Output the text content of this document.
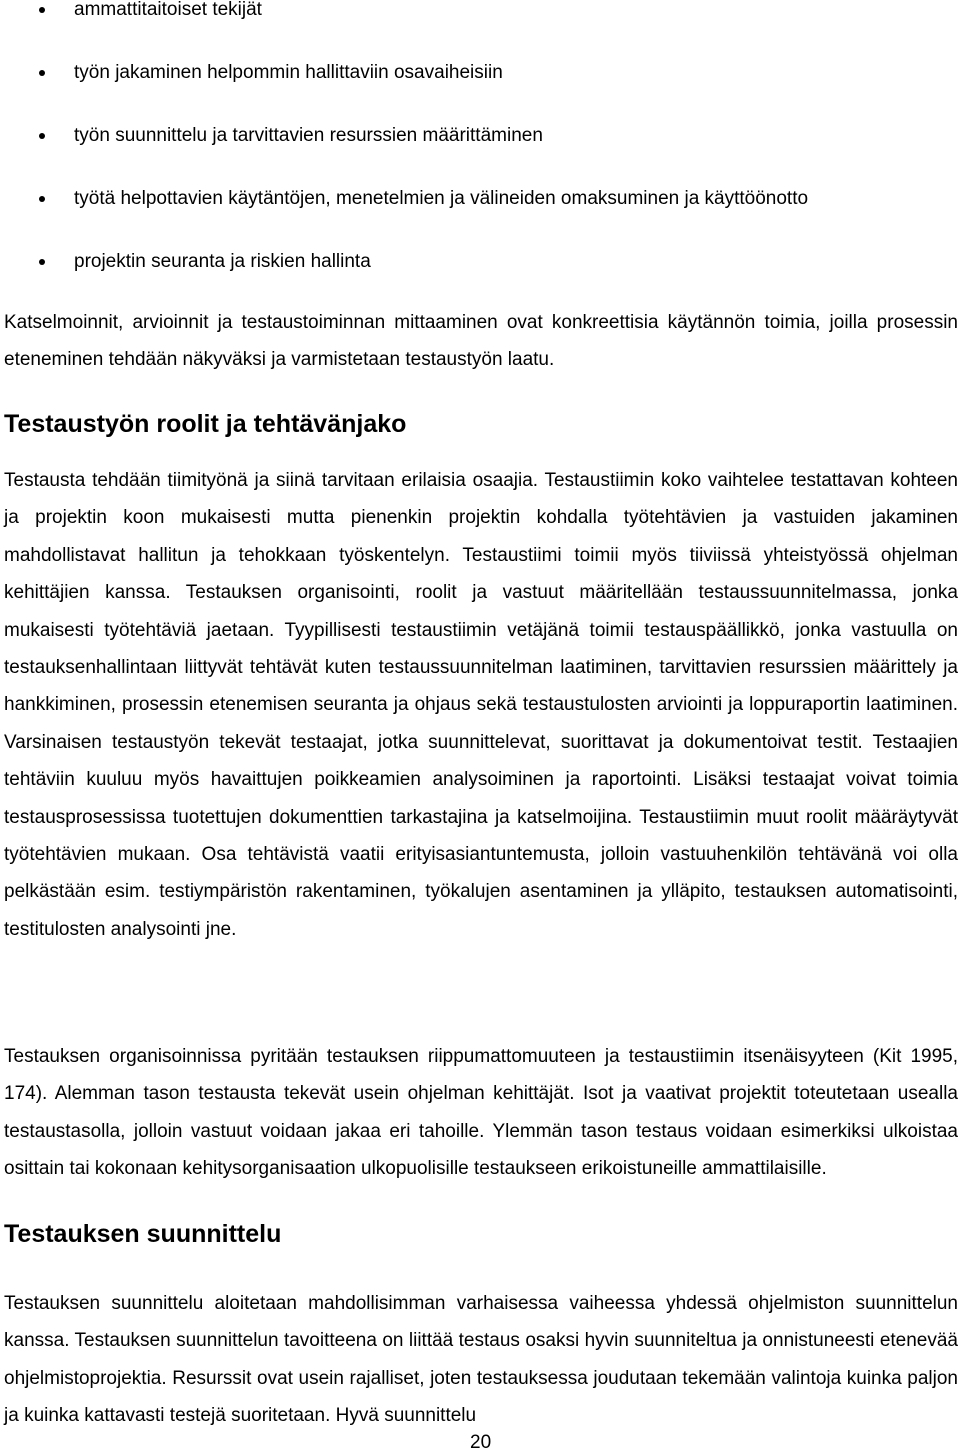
ammattitaitoiset tekijät
työn jakaminen helpommin hallittaviin osavaiheisiin
työn suunnittelu ja tarvittavien resurssien määrittäminen
työtä helpottavien käytäntöjen, menetelmien ja välineiden omaksuminen ja käyttöönotto
projektin seuranta ja riskien hallinta

Katselmoinnit, arvioinnit ja testaustoiminnan mittaaminen ovat konkreettisia käytännön toimia, joilla prosessin eteneminen tehdään näkyväksi ja varmistetaan testaustyön laatu.

Testaustyön roolit ja tehtävänjako

Testausta tehdään tiimityönä ja siinä tarvitaan erilaisia osaajia. Testaustiimin koko vaihtelee testattavan kohteen ja projektin koon mukaisesti mutta pienenkin projektin kohdalla työtehtävien ja vastuiden jakaminen mahdollistavat hallitun ja tehokkaan työskentelyn. Testaustiimi toimii myös tiiviissä yhteistyössä ohjelman kehittäjien kanssa. Testauksen organisointi, roolit ja vastuut määritellään testaussuunnitelmassa, jonka mukaisesti työtehtäviä jaetaan. Tyypillisesti testaustiimin vetäjänä toimii testauspäällikkö, jonka vastuulla on testauksenhallintaan liittyvät tehtävät kuten testaussuunnitelman laatiminen, tarvittavien resurssien määrittely ja hankkiminen, prosessin etenemisen seuranta ja ohjaus sekä testaustulosten arviointi ja loppuraportin laatiminen. Varsinaisen testaustyön tekevät testaajat, jotka suunnittelevat, suorittavat ja dokumentoivat testit. Testaajien tehtäviin kuuluu myös havaittujen poikkeamien analysoiminen ja raportointi. Lisäksi testaajat voivat toimia testausprosessissa tuotettujen dokumenttien tarkastajina ja katselmoijina. Testaustiimin muut roolit määräytyvät työtehtävien mukaan. Osa tehtävistä vaatii erityisasiantuntemusta, jolloin vastuuhenkilön tehtävänä voi olla pelkästään esim. testiympäristön rakentaminen, työkalujen asentaminen ja ylläpito, testauksen automatisointi, testitulosten analysointi jne.

Testauksen organisoinnissa pyritään testauksen riippumattomuuteen ja testaustiimin itsenäisyyteen (Kit 1995, 174). Alemman tason testausta tekevät usein ohjelman kehittäjät. Isot ja vaativat projektit toteutetaan usealla testaustasolla, jolloin vastuut voidaan jakaa eri tahoille. Ylemmän tason testaus voidaan esimerkiksi ulkoistaa osittain tai kokonaan kehitysorganisaation ulkopuolisille testaukseen erikoistuneille ammattilaisille.

Testauksen suunnittelu

Testauksen suunnittelu aloitetaan mahdollisimman varhaisessa vaiheessa yhdessä ohjelmiston suunnittelun kanssa. Testauksen suunnittelun tavoitteena on liittää testaus osaksi hyvin suunniteltua ja onnistuneesti etenevää ohjelmistoprojektia. Resurssit ovat usein rajalliset, joten testauksessa joudutaan tekemään valintoja kuinka paljon ja kuinka kattavasti testejä suoritetaan. Hyvä suunnittelu

20
